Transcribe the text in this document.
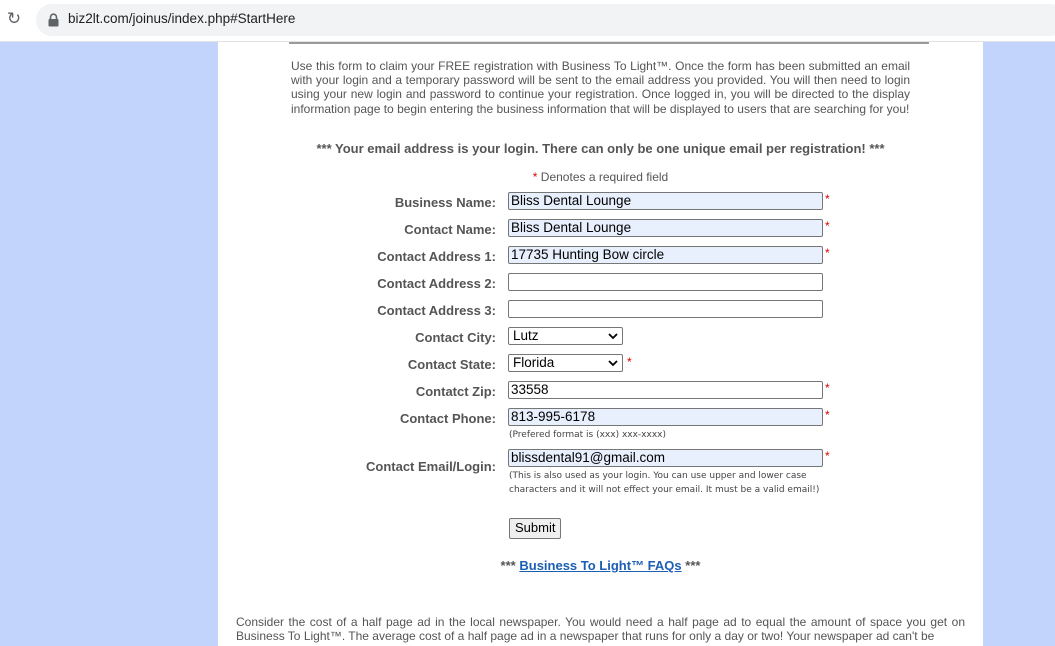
↻	biz2lt.com/joinus/index.php#StartHere
Use this form to claim your FREE registration with Business To Light™. Once the form has been submitted an email with your login and a temporary password will be sent to the email address you provided. You will then need to login using your new login and password to continue your registration. Once logged in, you will be directed to the display information page to begin entering the business information that will be displayed to users that are searching for you!
*** Your email address is your login. There can only be one unique email per registration! ***
* Denotes a required field
Business Name: Bliss Dental Lounge	*
Contact Name: Bliss Dental Lounge	*
Contact Address 1: 17735 Hunting Bow circle	*
Contact Address 2:
Contact Address 3:
Contact City:	Lutz
Contact State:	Florida	*
Contatct Zip: 33558	*
Contact Phone: 813-995-6178	*
(Prefered format is (xxx) xxx-xxxx)
Contact Email/Login:
blissdental91@gmail.com	*
(This is also used as your login. You can use upper and lower case
characters and it will not effect your email. It must be a valid email!)
Submit
*** Business To Light™ FAQs ***
Consider the cost of a half page ad in the local newspaper. You would need a half page ad to equal the amount of space you get on Business To Light™. The average cost of a half page ad in a newspaper that runs for only a day or two! Your newspaper ad can't be
